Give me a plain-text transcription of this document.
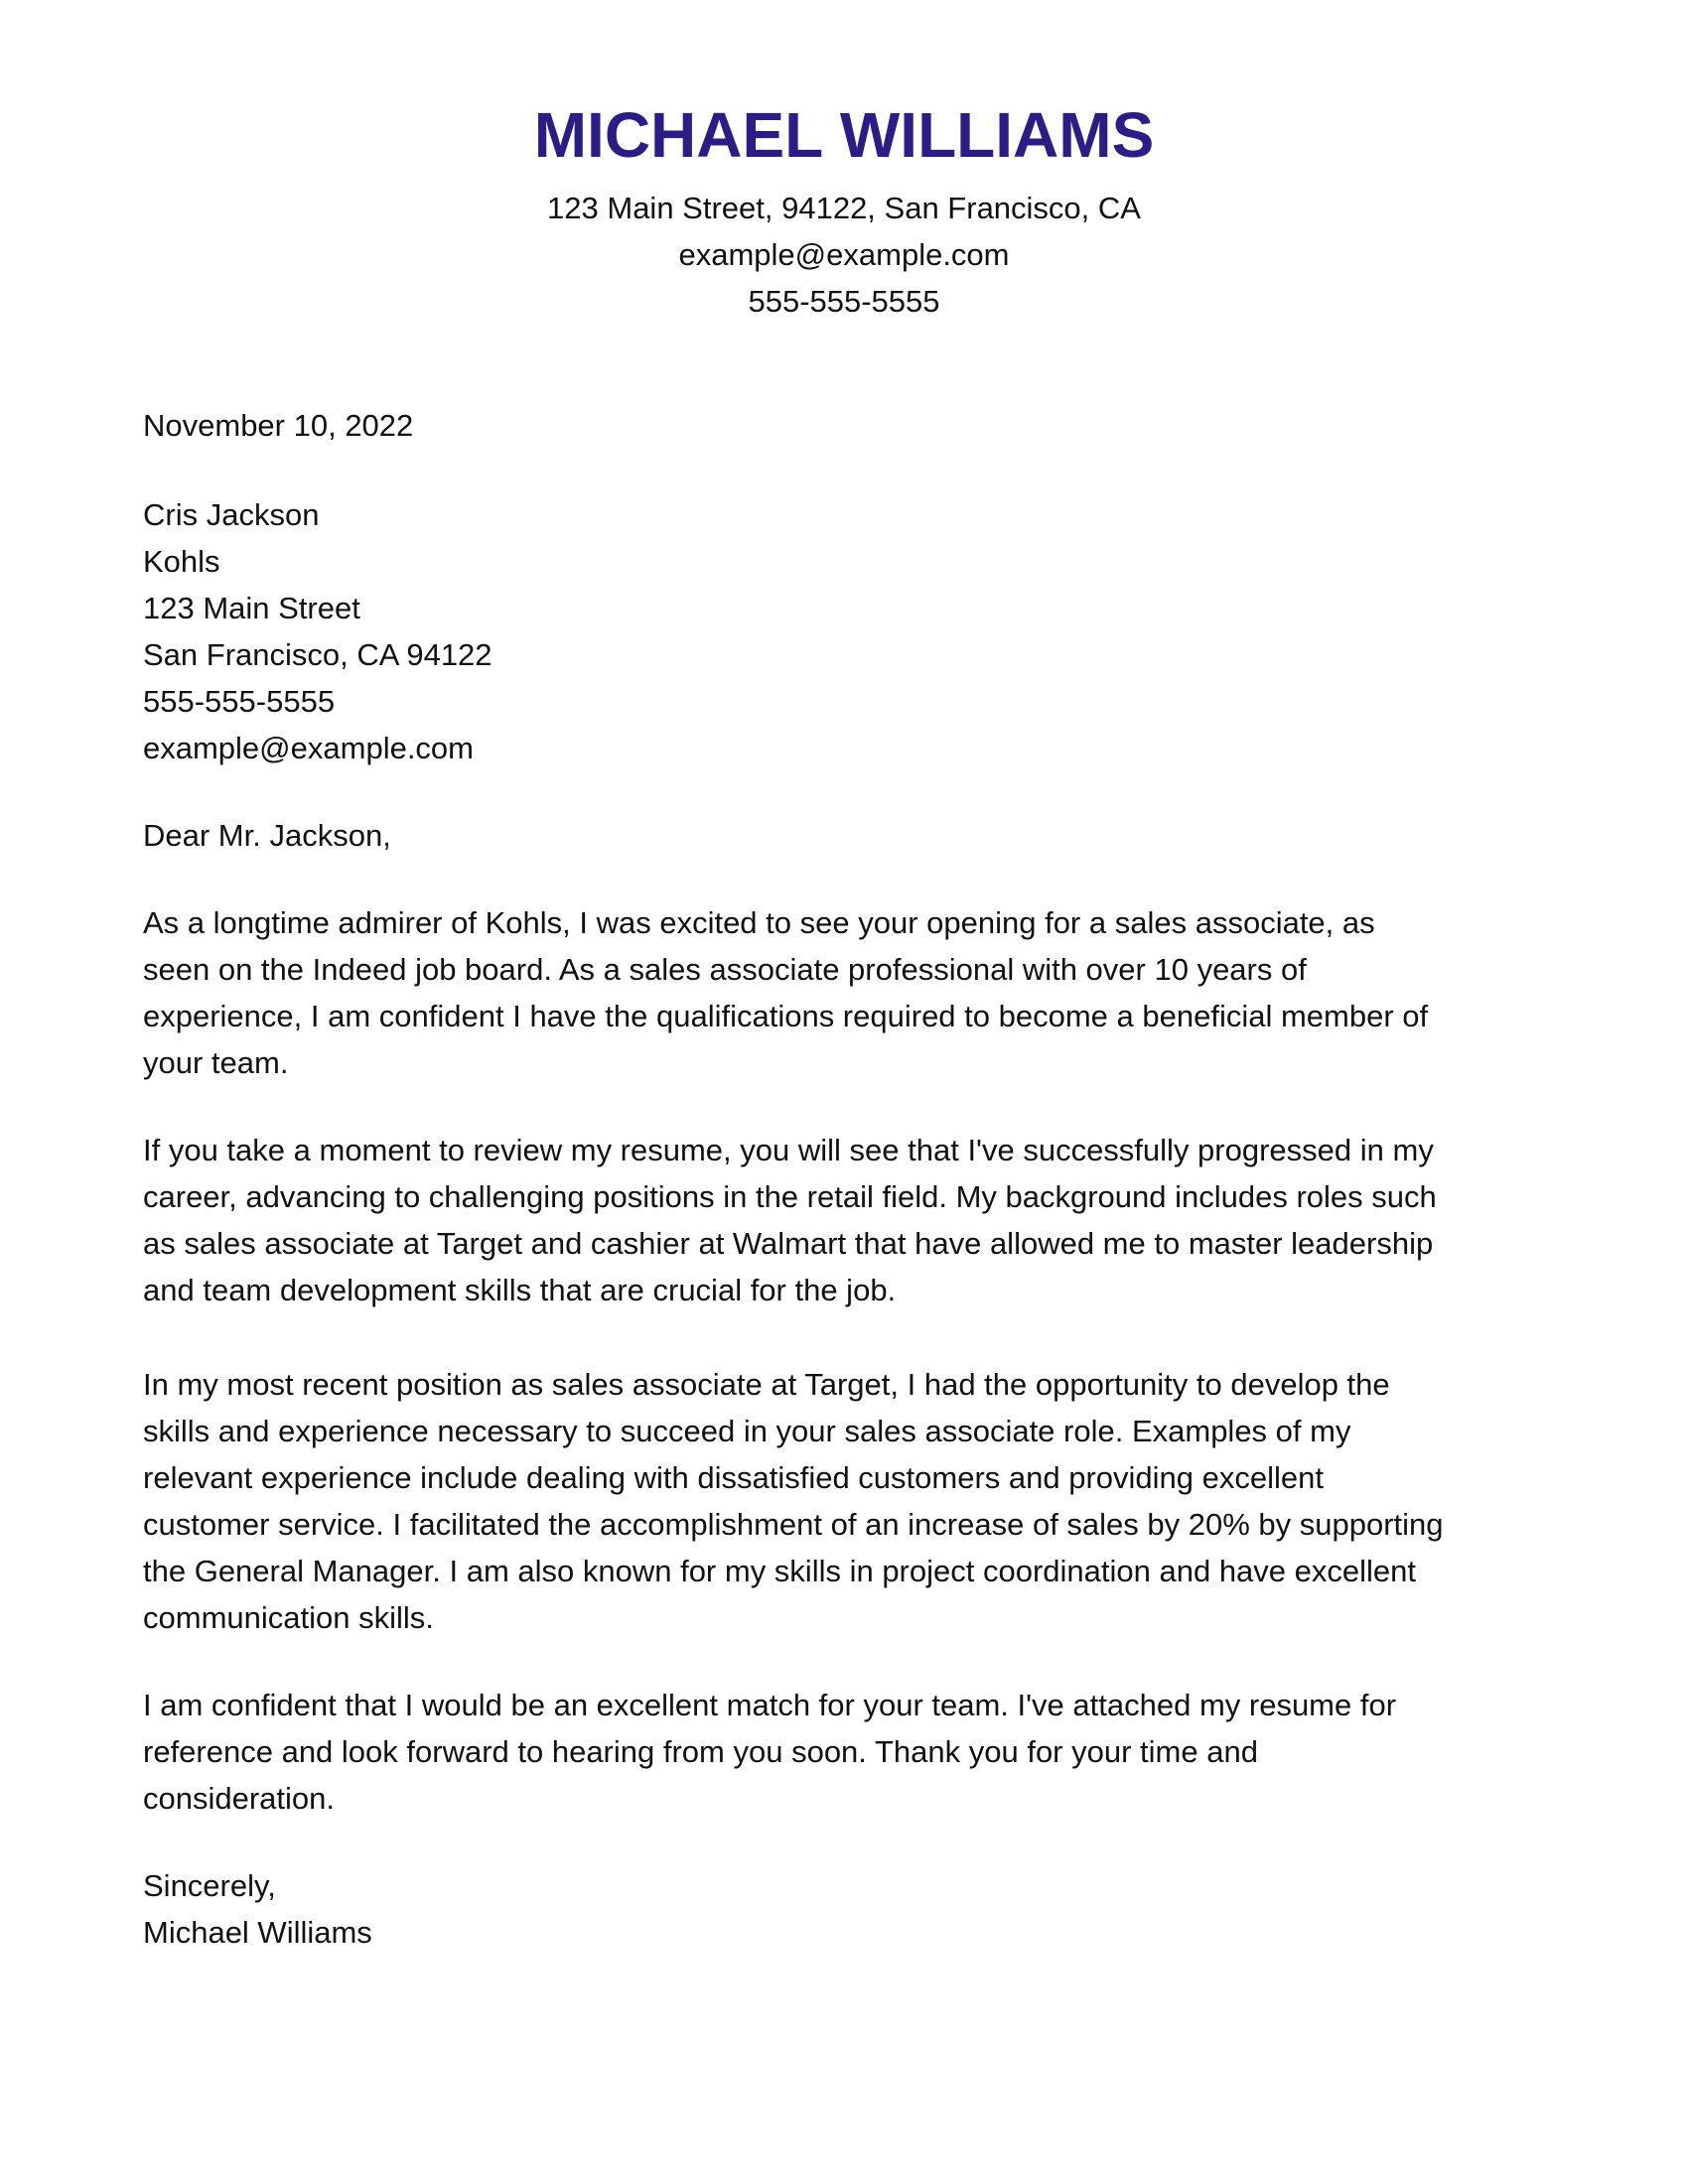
MICHAEL WILLIAMS

123 Main Street, 94122, San Francisco, CA

example@example.com

555-555-5555

November 10, 2022

Cris Jackson

Kohls

123 Main Street

San Francisco, CA 94122

555-555-5555

example@example.com

Dear Mr. Jackson,

As a longtime admirer of Kohls, I was excited to see your opening for a sales associate, as

seen on the Indeed job board. As a sales associate professional with over 10 years of

experience, I am confident I have the qualifications required to become a beneficial member of

your team.

If you take a moment to review my resume, you will see that I've successfully progressed in my

career, advancing to challenging positions in the retail field. My background includes roles such

as sales associate at Target and cashier at Walmart that have allowed me to master leadership

and team development skills that are crucial for the job.

In my most recent position as sales associate at Target, I had the opportunity to develop the

skills and experience necessary to succeed in your sales associate role. Examples of my

relevant experience include dealing with dissatisfied customers and providing excellent

customer service. I facilitated the accomplishment of an increase of sales by 20% by supporting

the General Manager. I am also known for my skills in project coordination and have excellent

communication skills.

I am confident that I would be an excellent match for your team. I've attached my resume for

reference and look forward to hearing from you soon. Thank you for your time and

consideration.

Sincerely,

Michael Williams
